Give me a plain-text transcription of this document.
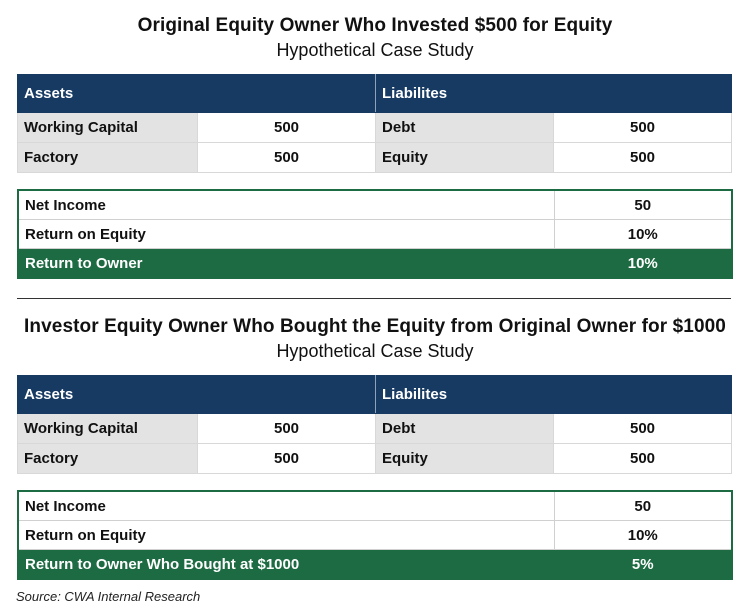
Original Equity Owner Who Invested $500 for Equity
Hypothetical Case Study
Assets		Liabilites	
Working Capital	500	Debt	500
Factory	500	Equity	500
Net Income	50
Return on Equity	10%
Return to Owner	10%
Investor Equity Owner Who Bought the Equity from Original Owner for $1000
Hypothetical Case Study
Assets		Liabilites	
Working Capital	500	Debt	500
Factory	500	Equity	500
Net Income	50
Return on Equity	10%
Return to Owner Who Bought at $1000	5%
Source: CWA Internal Research
